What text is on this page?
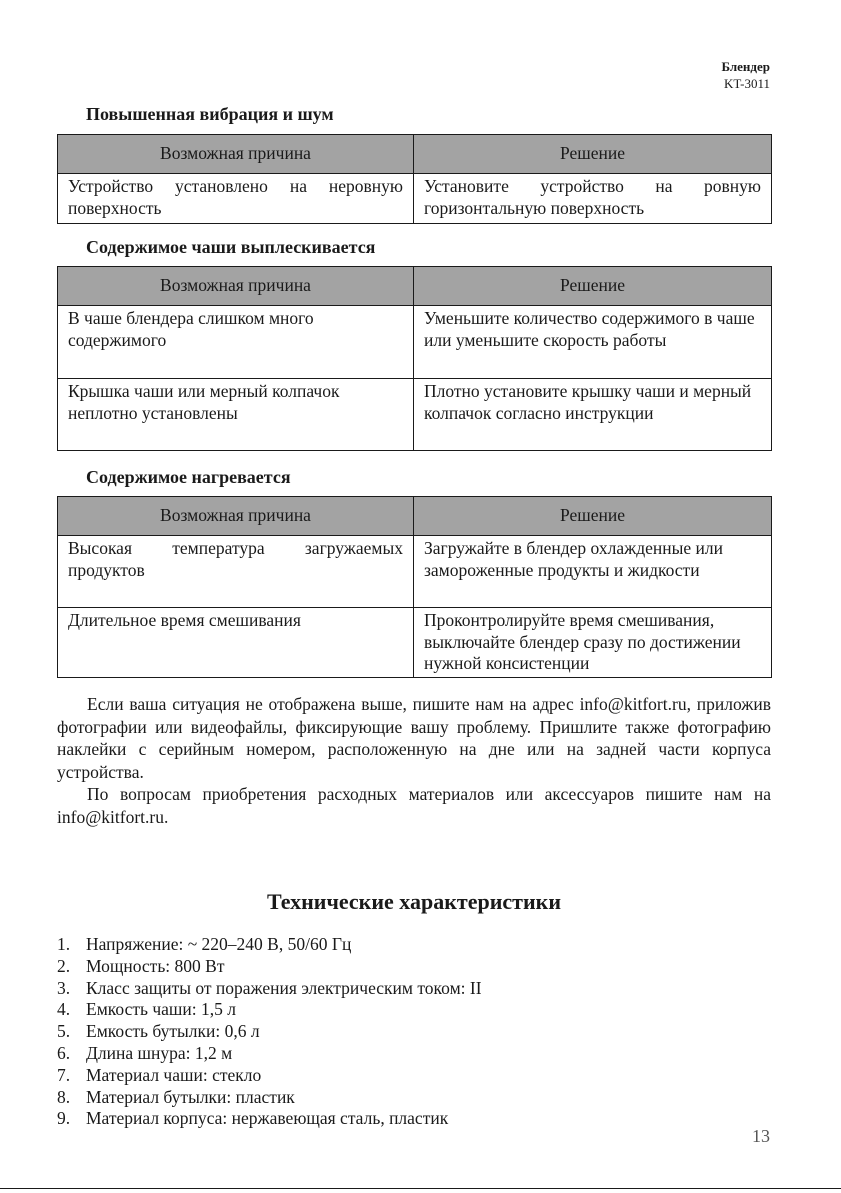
Блендер
KT-3011
Повышенная вибрация и шум
Возможная причина	Решение
Устройство установлено на неровную поверхность	Установите устройство на ровную горизонтальную поверхность
Содержимое чаши выплескивается
Возможная причина	Решение
В чаше блендера слишком много содержимого	Уменьшите количество содержимого в чаше или уменьшите скорость работы
Крышка чаши или мерный колпачок неплотно установлены	Плотно установите крышку чаши и мерный колпачок согласно инструкции
Содержимое нагревается
Возможная причина	Решение
Высокая температура загружаемых продуктов	Загружайте в блендер охлажденные или замороженные продукты и жидкости
Длительное время смешивания	Проконтролируйте время смешивания, выключайте блендер сразу по достижении нужной консистенции

Если ваша ситуация не отображена выше, пишите нам на адрес info@kitfort.ru, приложив фотографии или видеофайлы, фиксирующие вашу проблему. Пришлите также фотографию наклейки с серийным номером, расположенную на дне или на задней части корпуса устройства.

По вопросам приобретения расходных материалов или аксессуаров пишите нам на info@kitfort.ru.

Технические характеристики
1. Напряжение: ~ 220–240 В, 50/60 Гц
2. Мощность: 800 Вт
3. Класс защиты от поражения электрическим током: II
4. Емкость чаши: 1,5 л
5. Емкость бутылки: 0,6 л
6. Длина шнура: 1,2 м
7. Материал чаши: стекло
8. Материал бутылки: пластик
9. Материал корпуса: нержавеющая сталь, пластик
13
